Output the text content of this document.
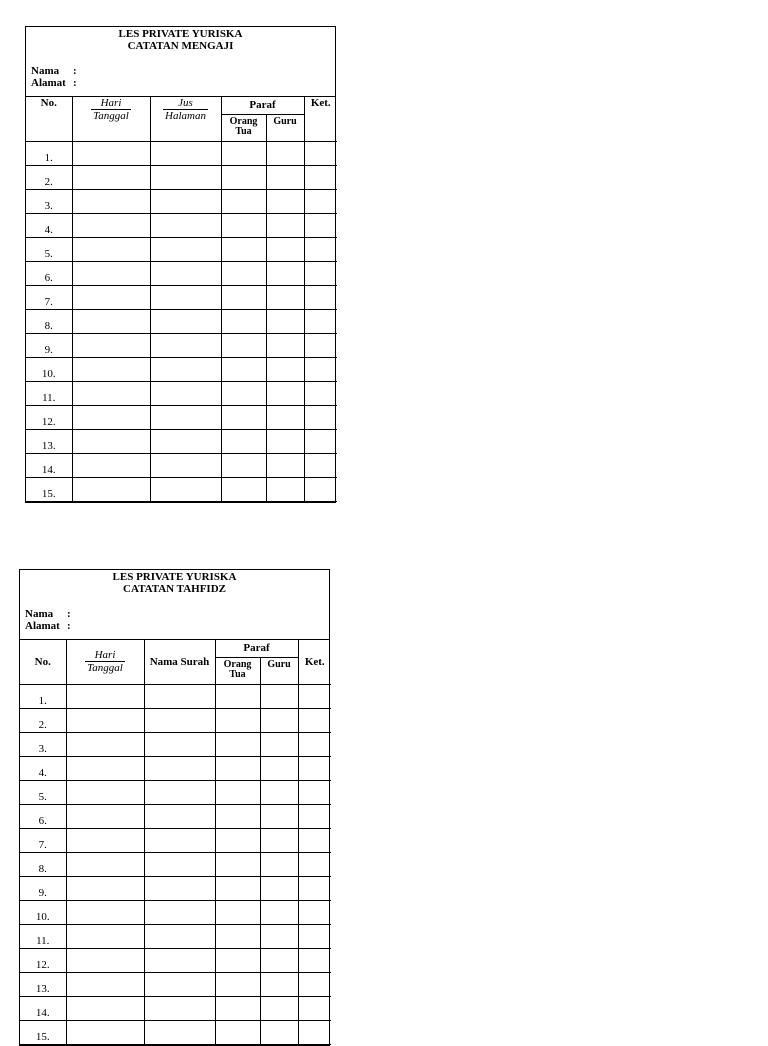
LES PRIVATE YURISKA
CATATAN MENGAJI
Nama	:
Alamat :
No.	$\frac{\text{Hari}}{\text{Tanggal}}$	$\frac{\text{Jus}}{\text{Halaman}}$	Paraf		Ket.
			Orang Tua	Guru	
1.					
2.					
3.					
4.					
5.					
6.					
7.					
8.					
9.					
10.					
11.					
12.					
13.					
14.					
15.					
LES PRIVATE YURISKA
CATATAN TAHFIDZ
Nama	:
Alamat :
No.	$\frac{\text{Hari}}{\text{Tanggal}}$	Nama Surah	Paraf		Ket.
			Orang Tua	Guru	
1.					
2.					
3.					
4.					
5.					
6.					
7.					
8.					
9.					
10.					
11.					
12.					
13.					
14.					
15.					
